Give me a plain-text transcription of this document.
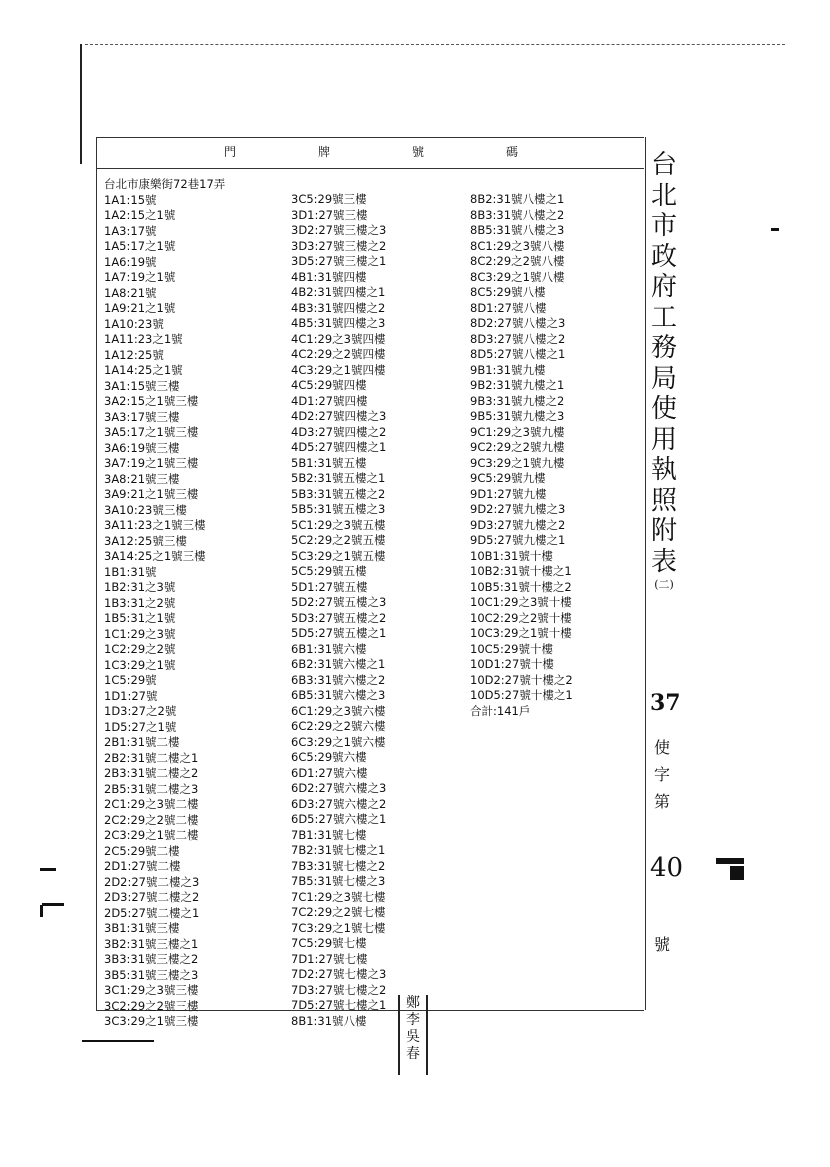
門	牌	號	碼
台北市康樂街72巷17弄
1A1:15號
1A2:15之1號
1A3:17號
1A5:17之1號
1A6:19號
1A7:19之1號
1A8:21號
1A9:21之1號
1A10:23號
1A11:23之1號
1A12:25號
1A14:25之1號
3A1:15號三樓
3A2:15之1號三樓
3A3:17號三樓
3A5:17之1號三樓
3A6:19號三樓
3A7:19之1號三樓
3A8:21號三樓
3A9:21之1號三樓
3A10:23號三樓
3A11:23之1號三樓
3A12:25號三樓
3A14:25之1號三樓
1B1:31號
1B2:31之3號
1B3:31之2號
1B5:31之1號
1C1:29之3號
1C2:29之2號
1C3:29之1號
1C5:29號
1D1:27號
1D3:27之2號
1D5:27之1號
2B1:31號二樓
2B2:31號二樓之1
2B3:31號二樓之2
2B5:31號二樓之3
2C1:29之3號二樓
2C2:29之2號二樓
2C3:29之1號二樓
2C5:29號二樓
2D1:27號二樓
2D2:27號二樓之3
2D3:27號二樓之2
2D5:27號二樓之1
3B1:31號三樓
3B2:31號三樓之1
3B3:31號三樓之2
3B5:31號三樓之3
3C1:29之3號三樓
3C2:29之2號三樓
3C3:29之1號三樓
3C5:29號三樓
3D1:27號三樓
3D2:27號三樓之3
3D3:27號三樓之2
3D5:27號三樓之1
4B1:31號四樓
4B2:31號四樓之1
4B3:31號四樓之2
4B5:31號四樓之3
4C1:29之3號四樓
4C2:29之2號四樓
4C3:29之1號四樓
4C5:29號四樓
4D1:27號四樓
4D2:27號四樓之3
4D3:27號四樓之2
4D5:27號四樓之1
5B1:31號五樓
5B2:31號五樓之1
5B3:31號五樓之2
5B5:31號五樓之3
5C1:29之3號五樓
5C2:29之2號五樓
5C3:29之1號五樓
5C5:29號五樓
5D1:27號五樓
5D2:27號五樓之3
5D3:27號五樓之2
5D5:27號五樓之1
6B1:31號六樓
6B2:31號六樓之1
6B3:31號六樓之2
6B5:31號六樓之3
6C1:29之3號六樓
6C2:29之2號六樓
6C3:29之1號六樓
6C5:29號六樓
6D1:27號六樓
6D2:27號六樓之3
6D3:27號六樓之2
6D5:27號六樓之1
7B1:31號七樓
7B2:31號七樓之1
7B3:31號七樓之2
7B5:31號七樓之3
7C1:29之3號七樓
7C2:29之2號七樓
7C3:29之1號七樓
7C5:29號七樓
7D1:27號七樓
7D2:27號七樓之3
7D3:27號七樓之2
7D5:27號七樓之1
8B1:31號八樓
8B2:31號八樓之1
8B3:31號八樓之2
8B5:31號八樓之3
8C1:29之3號八樓
8C2:29之2號八樓
8C3:29之1號八樓
8C5:29號八樓
8D1:27號八樓
8D2:27號八樓之3
8D3:27號八樓之2
8D5:27號八樓之1
9B1:31號九樓
9B2:31號九樓之1
9B3:31號九樓之2
9B5:31號九樓之3
9C1:29之3號九樓
9C2:29之2號九樓
9C3:29之1號九樓
9C5:29號九樓
9D1:27號九樓
9D2:27號九樓之3
9D3:27號九樓之2
9D5:27號九樓之1
10B1:31號十樓
10B2:31號十樓之1
10B5:31號十樓之2
10C1:29之3號十樓
10C2:29之2號十樓
10C3:29之1號十樓
10C5:29號十樓
10D1:27號十樓
10D2:27號十樓之2
10D5:27號十樓之1
合計:141戶
台
北
市
政
府
工
務
局
使
用
執
照
附
表
(二)
37
使
字
第
40
號
鄭
李
吳
春
